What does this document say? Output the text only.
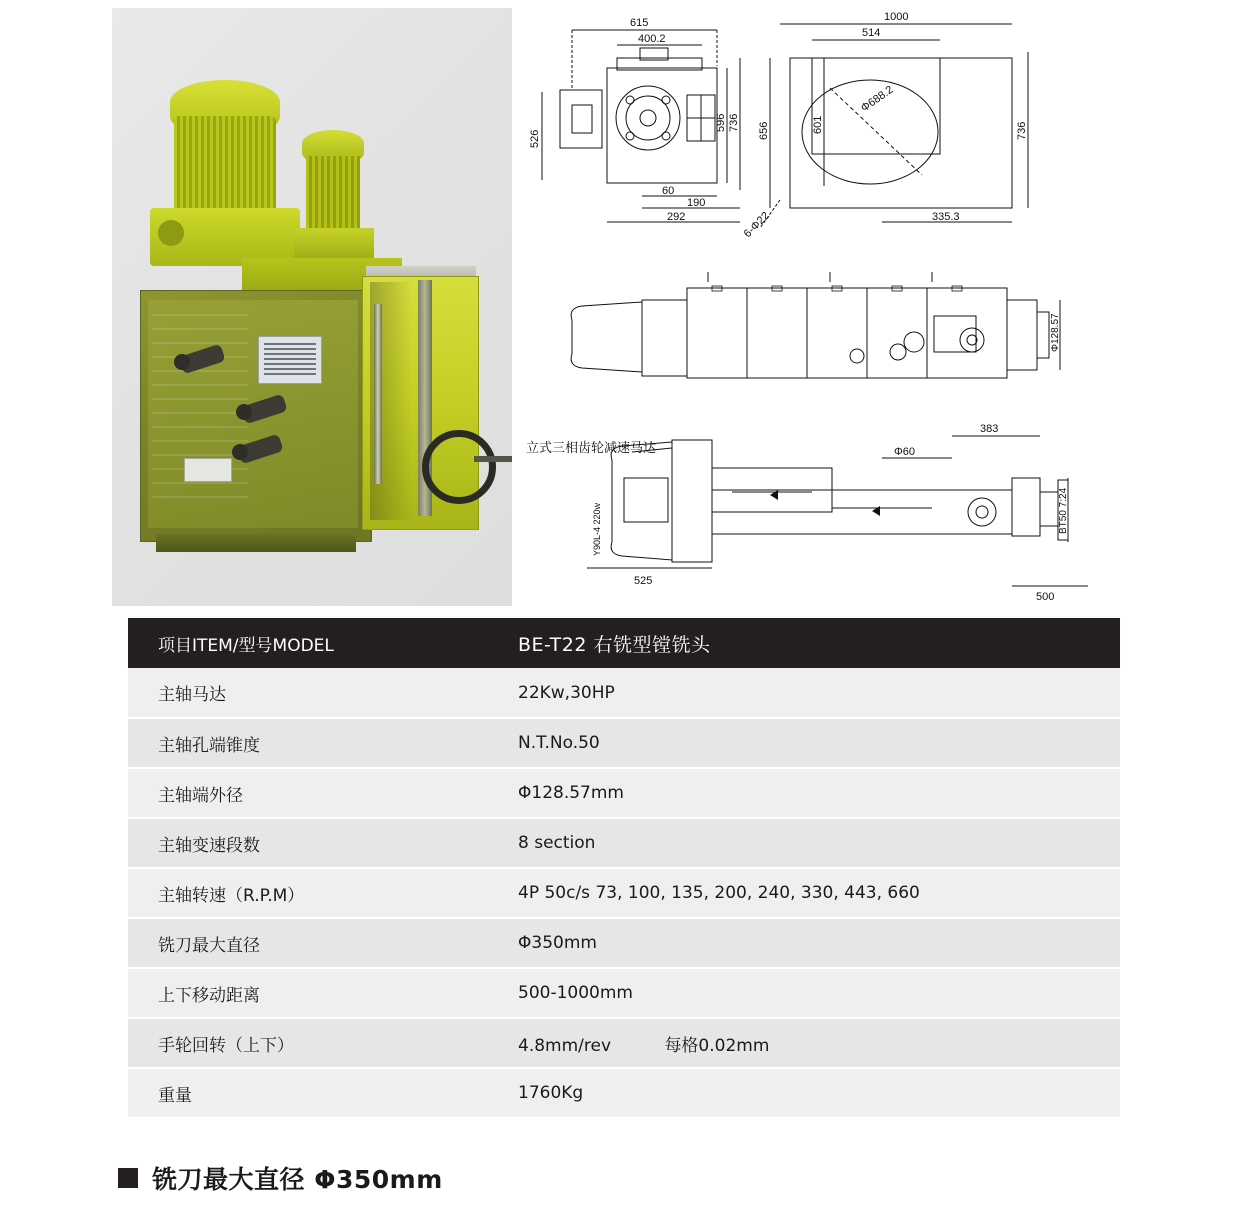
615
400.2
526
596 736
60
190
292
1000
514
656	601
Φ688.2
736
335.3
6-Φ22
Φ128.57
383
Φ60
BT50 7:24
525
500
Y90L-4 220w
立式三相齿轮减速马达
项目ITEM/型号MODEL	BE-T22 右铣型镗铣头
主轴马达	22Kw,30HP
主轴孔端锥度	N.T.No.50
主轴端外径	Φ128.57mm
主轴变速段数	8 section
主轴转速（R.P.M）	4P 50c/s 73, 100, 135, 200, 240, 330, 443, 660
铣刀最大直径	Φ350mm
上下移动距离	500-1000mm
手轮回转（上下）	4.8mm/rev 每格0.02mm
重量	1760Kg
铣刀最大直径 Φ350mm
